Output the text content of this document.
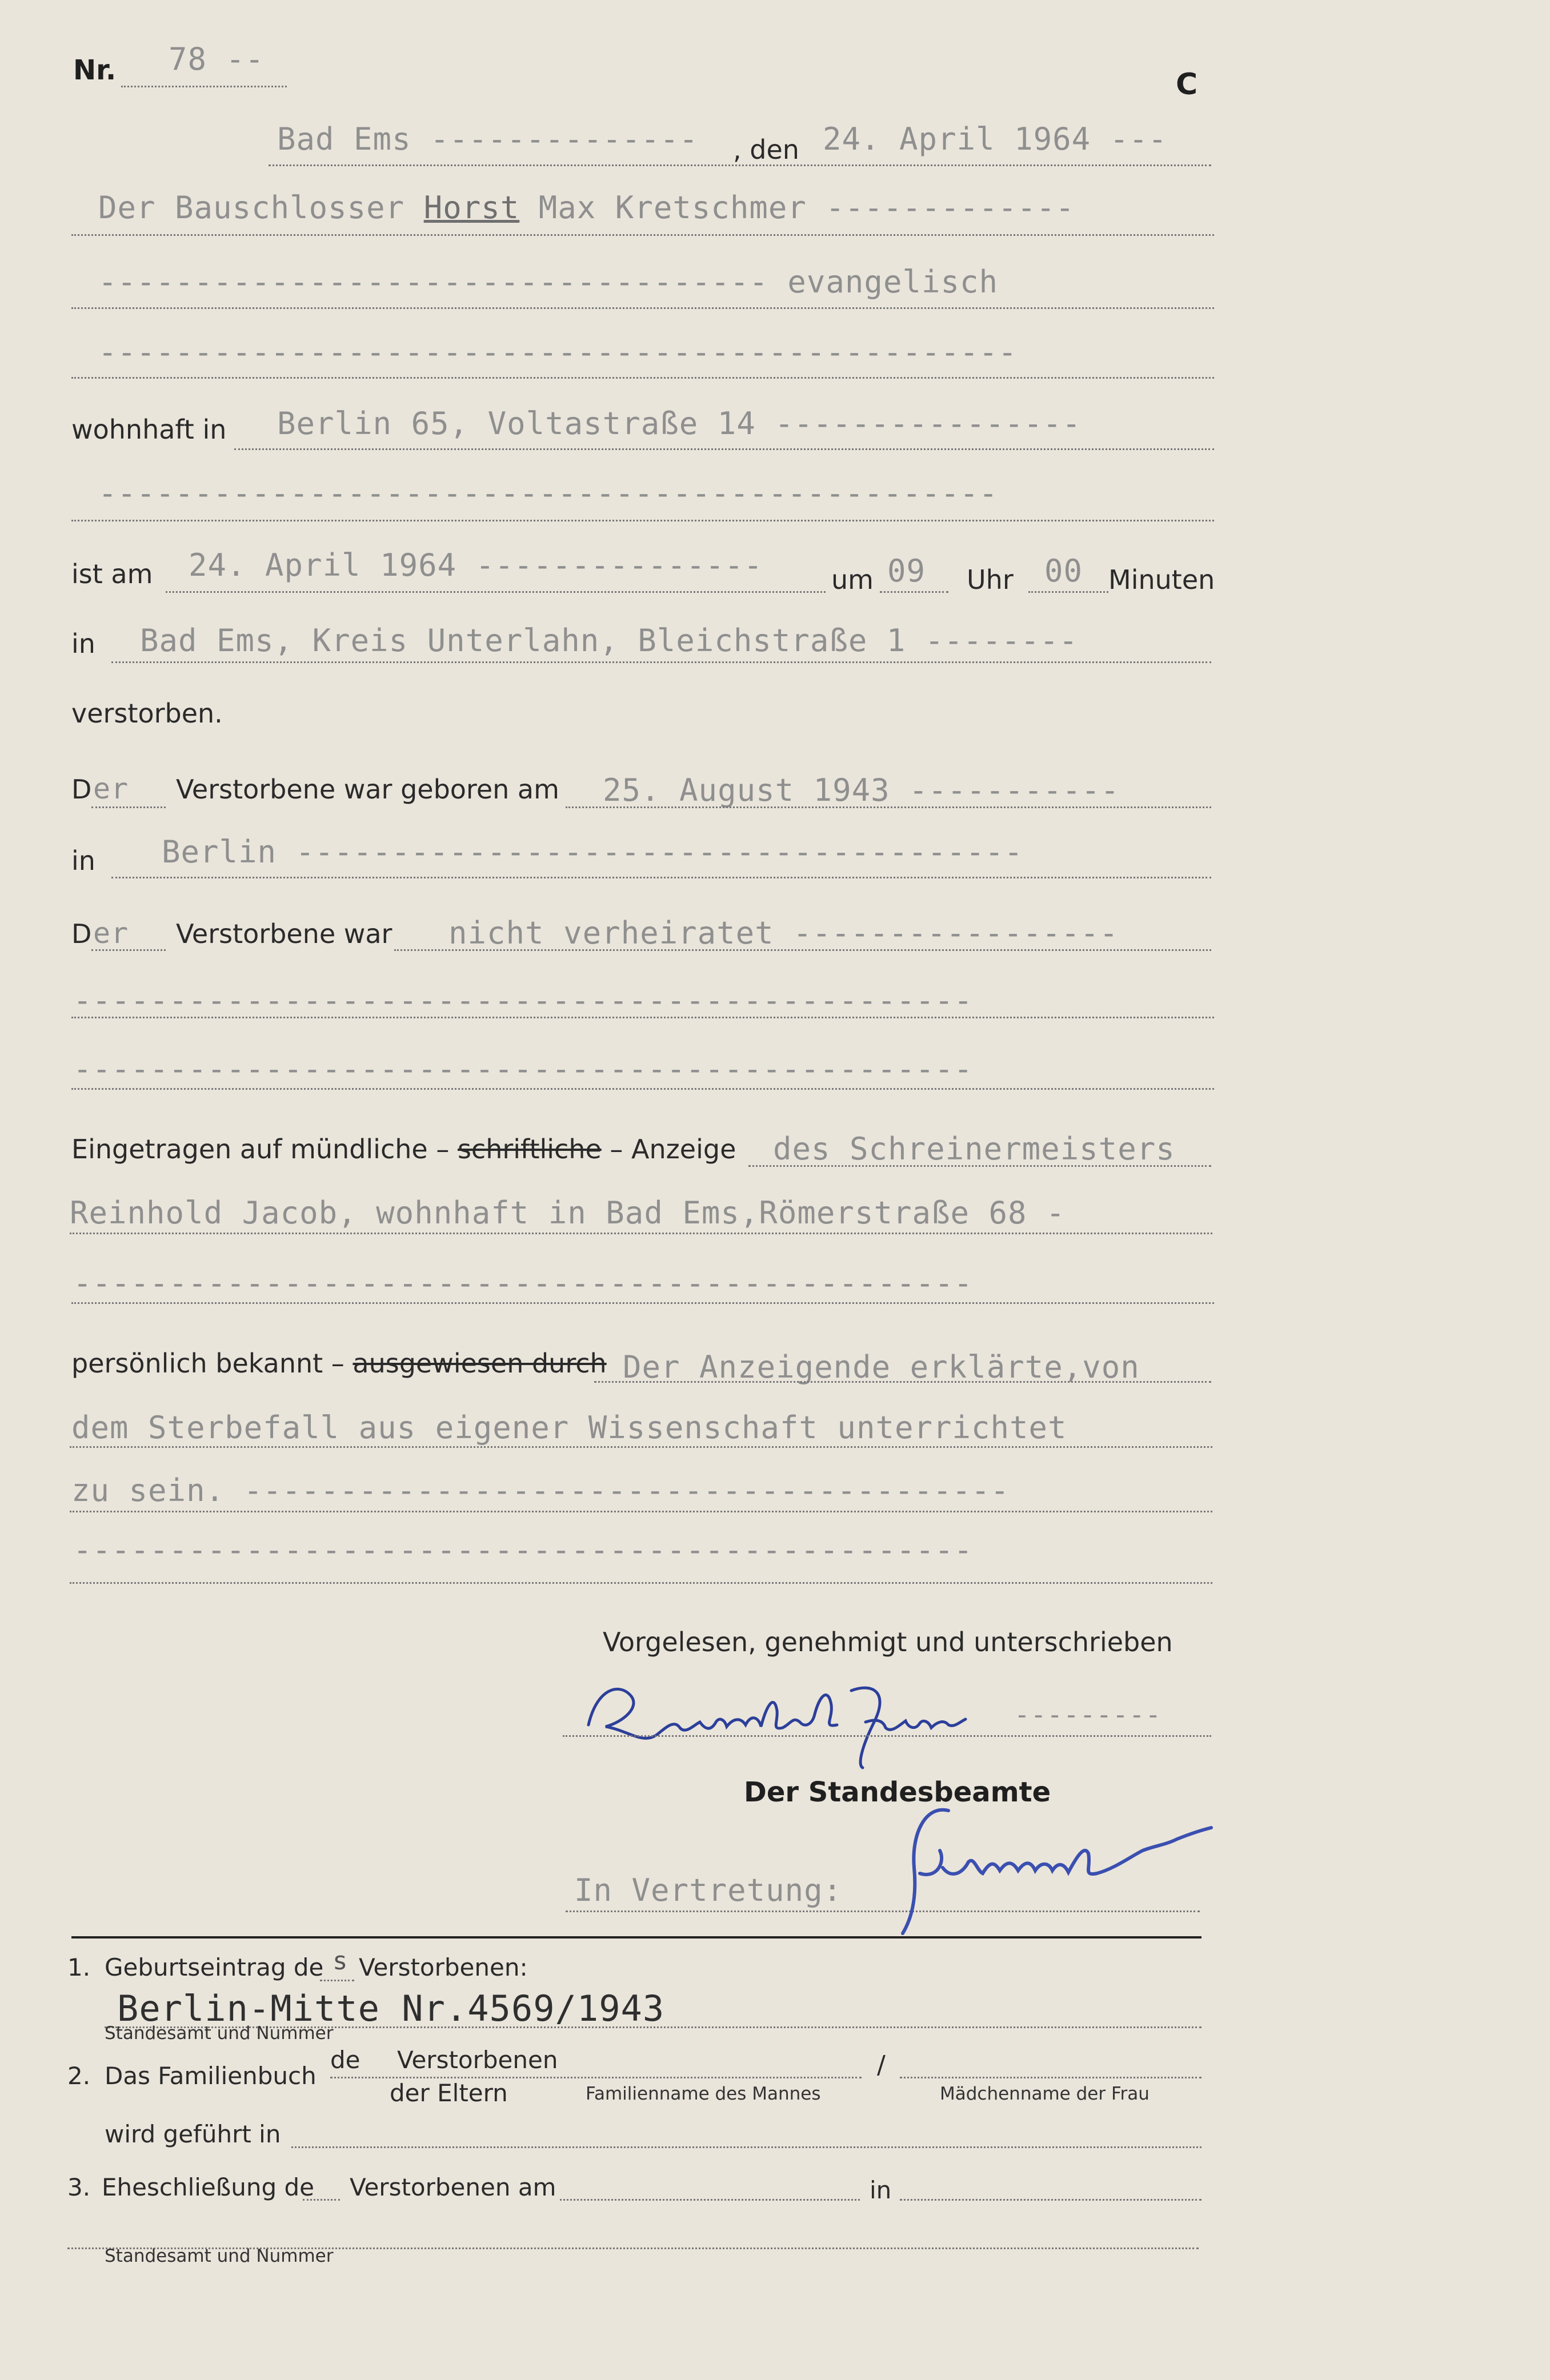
Nr. 78 --
C
Bad Ems -------------- , den 24. April 1964 ---
Der Bauschlosser Horst Max Kretschmer -------------
----------------------------------- evangelisch
------------------------------------------------
wohnhaft in Berlin 65, Voltastraße 14 ----------------
-----------------------------------------------
ist am 24. April 1964 ---------------	um 09 Uhr 00 Minuten
in Bad Ems, Kreis Unterlahn, Bleichstraße 1 --------
verstorben.
D er Verstorbene war geboren am 25. August 1943 -----------
in Berlin --------------------------------------
D er Verstorbene war nicht verheiratet -----------------
-----------------------------------------------
-----------------------------------------------
Eingetragen auf mündliche – schriftliche – Anzeige des Schreinermeisters
Reinhold Jacob, wohnhaft in Bad Ems,Römerstraße 68 -
-----------------------------------------------
persönlich bekannt – ausgewiesen durch Der Anzeigende erklärte,von
dem Sterbefall aus eigener Wissenschaft unterrichtet
zu sein. ----------------------------------------
-----------------------------------------------
Vorgelesen, genehmigt und unterschrieben
---------
Der Standesbeamte
In Vertretung:
1. Geburtseintrag de s Verstorbenen:
Berlin-Mitte Nr.4569/1943
Standesamt und Nummer
2. Das Familienbuch
de Verstorbenen
der Eltern	Familienname des Mannes
/
Mädchenname der Frau
wird geführt in
3. Eheschließung de Verstorbenen am	in
Standesamt und Nummer
